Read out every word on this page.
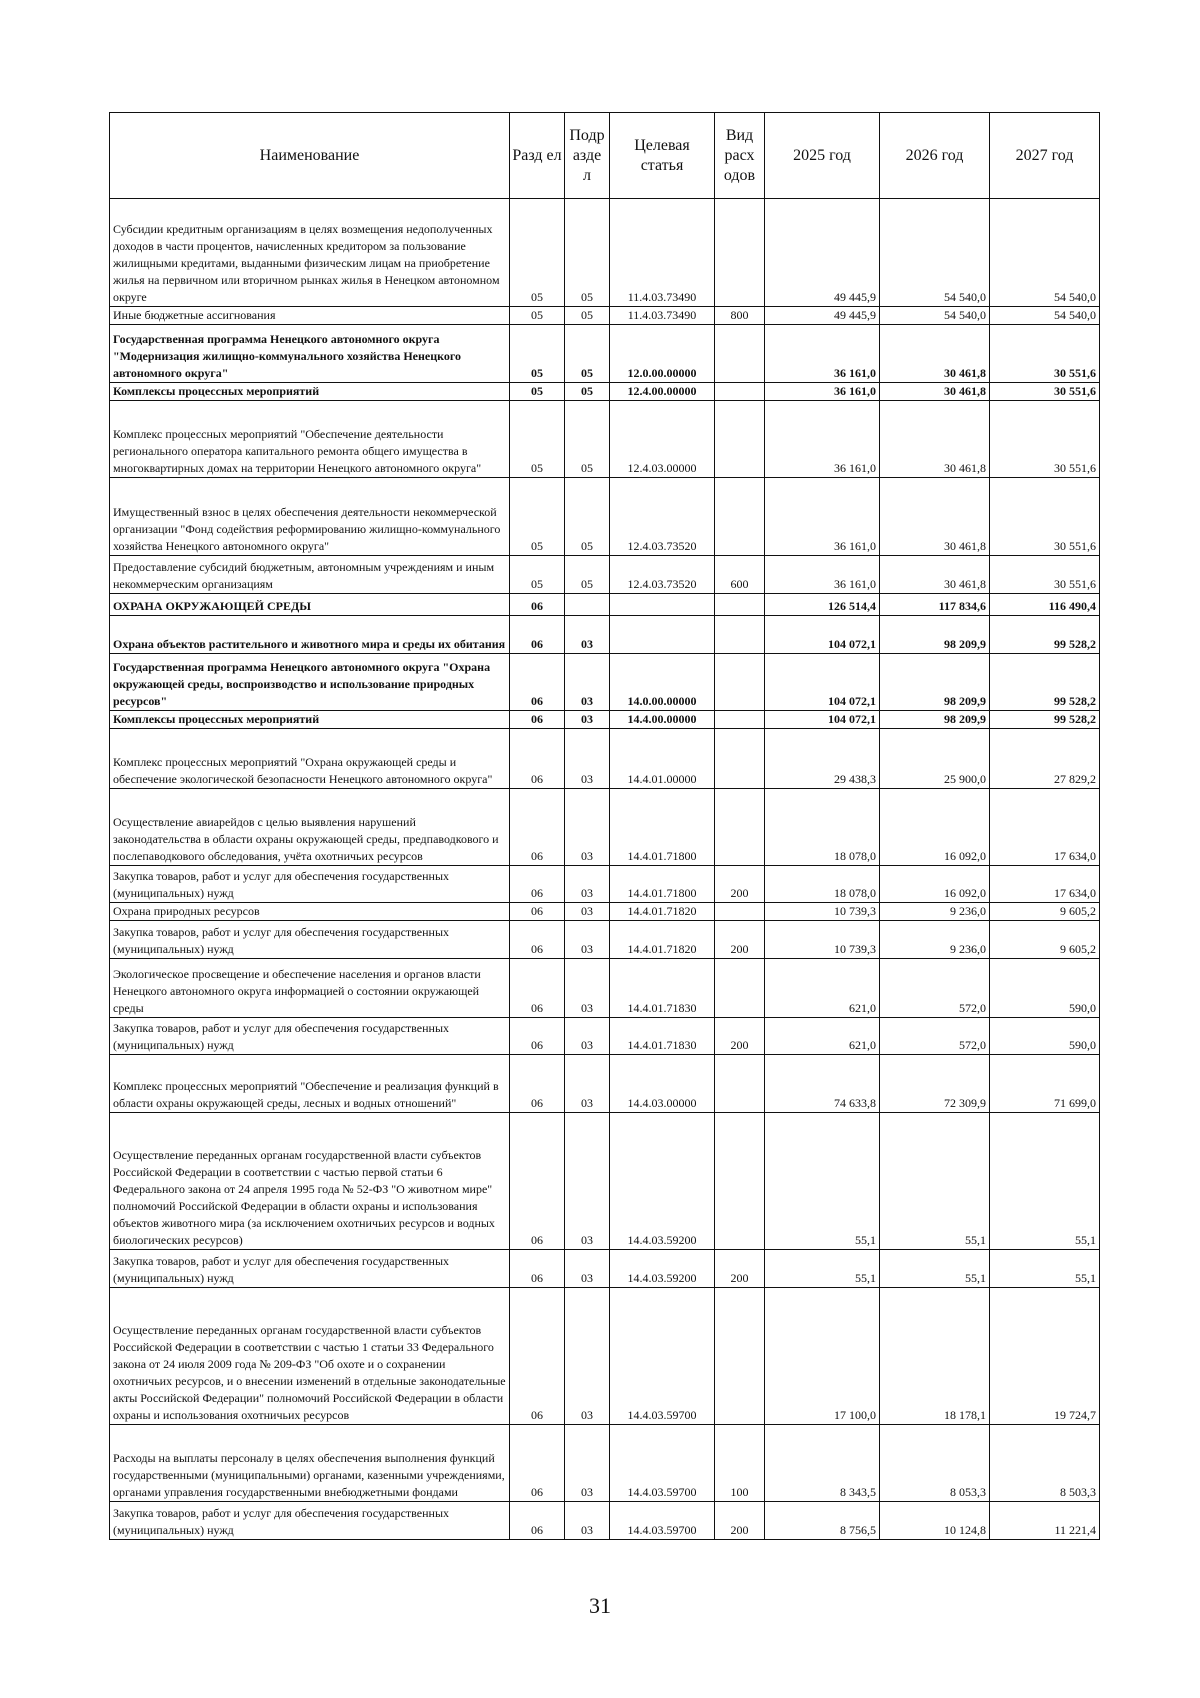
Наименование	Разд ел	Подр азде л	Целевая статья	Вид расх одов	2025 год	2026 год	2027 год
Субсидии кредитным организациям в целях возмещения недополученных доходов в части процентов, начисленных кредитором за пользование жилищными кредитами, выданными физическим лицам на приобретение жилья на первичном или вторичном рынках жилья в Ненецком автономном округе	05	05	11.4.03.73490		49 445,9	54 540,0	54 540,0
Иные бюджетные ассигнования	05	05	11.4.03.73490	800	49 445,9	54 540,0	54 540,0
Государственная программа Ненецкого автономного округа "Модернизация жилищно-коммунального хозяйства Ненецкого автономного округа"	05	05	12.0.00.00000		36 161,0	30 461,8	30 551,6
Комплексы процессных мероприятий	05	05	12.4.00.00000		36 161,0	30 461,8	30 551,6
Комплекс процессных мероприятий "Обеспечение деятельности регионального оператора капитального ремонта общего имущества в многоквартирных домах на территории Ненецкого автономного округа"	05	05	12.4.03.00000		36 161,0	30 461,8	30 551,6
Имущественный взнос в целях обеспечения деятельности некоммерческой организации "Фонд содействия реформированию жилищно-коммунального хозяйства Ненецкого автономного округа"	05	05	12.4.03.73520		36 161,0	30 461,8	30 551,6
Предоставление субсидий бюджетным, автономным учреждениям и иным некоммерческим организациям	05	05	12.4.03.73520	600	36 161,0	30 461,8	30 551,6
ОХРАНА ОКРУЖАЮЩЕЙ СРЕДЫ	06				126 514,4	117 834,6	116 490,4
Охрана объектов растительного и животного мира и среды их обитания	06	03			104 072,1	98 209,9	99 528,2
Государственная программа Ненецкого автономного округа "Охрана окружающей среды, воспроизводство и использование природных ресурсов"	06	03	14.0.00.00000		104 072,1	98 209,9	99 528,2
Комплексы процессных мероприятий	06	03	14.4.00.00000		104 072,1	98 209,9	99 528,2
Комплекс процессных мероприятий "Охрана окружающей среды и обеспечение экологической безопасности Ненецкого автономного округа"	06	03	14.4.01.00000		29 438,3	25 900,0	27 829,2
Осуществление авиарейдов с целью выявления нарушений законодательства в области охраны окружающей среды, предпаводкового и послепаводкового обследования, учёта охотничьих ресурсов	06	03	14.4.01.71800		18 078,0	16 092,0	17 634,0
Закупка товаров, работ и услуг для обеспечения государственных (муниципальных) нужд	06	03	14.4.01.71800	200	18 078,0	16 092,0	17 634,0
Охрана природных ресурсов	06	03	14.4.01.71820		10 739,3	9 236,0	9 605,2
Закупка товаров, работ и услуг для обеспечения государственных (муниципальных) нужд	06	03	14.4.01.71820	200	10 739,3	9 236,0	9 605,2
Экологическое просвещение и обеспечение населения и органов власти Ненецкого автономного округа информацией о состоянии окружающей среды	06	03	14.4.01.71830		621,0	572,0	590,0
Закупка товаров, работ и услуг для обеспечения государственных (муниципальных) нужд	06	03	14.4.01.71830	200	621,0	572,0	590,0
Комплекс процессных мероприятий "Обеспечение и реализация функций в области охраны окружающей среды, лесных и водных отношений"	06	03	14.4.03.00000		74 633,8	72 309,9	71 699,0
Осуществление переданных органам государственной власти субъектов Российской Федерации в соответствии с частью первой статьи 6 Федерального закона от 24 апреля 1995 года № 52-ФЗ "О животном мире" полномочий Российской Федерации в области охраны и использования объектов животного мира (за исключением охотничьих ресурсов и водных биологических ресурсов)	06	03	14.4.03.59200		55,1	55,1	55,1
Закупка товаров, работ и услуг для обеспечения государственных (муниципальных) нужд	06	03	14.4.03.59200	200	55,1	55,1	55,1
Осуществление переданных органам государственной власти субъектов Российской Федерации в соответствии с частью 1 статьи 33 Федерального закона от 24 июля 2009 года № 209-ФЗ "Об охоте и о сохранении охотничьих ресурсов, и о внесении изменений в отдельные законодательные акты Российской Федерации" полномочий Российской Федерации в области охраны и использования охотничьих ресурсов	06	03	14.4.03.59700		17 100,0	18 178,1	19 724,7
Расходы на выплаты персоналу в целях обеспечения выполнения функций государственными (муниципальными) органами, казенными учреждениями, органами управления государственными внебюджетными фондами	06	03	14.4.03.59700	100	8 343,5	8 053,3	8 503,3
Закупка товаров, работ и услуг для обеспечения государственных (муниципальных) нужд	06	03	14.4.03.59700	200	8 756,5	10 124,8	11 221,4
31
